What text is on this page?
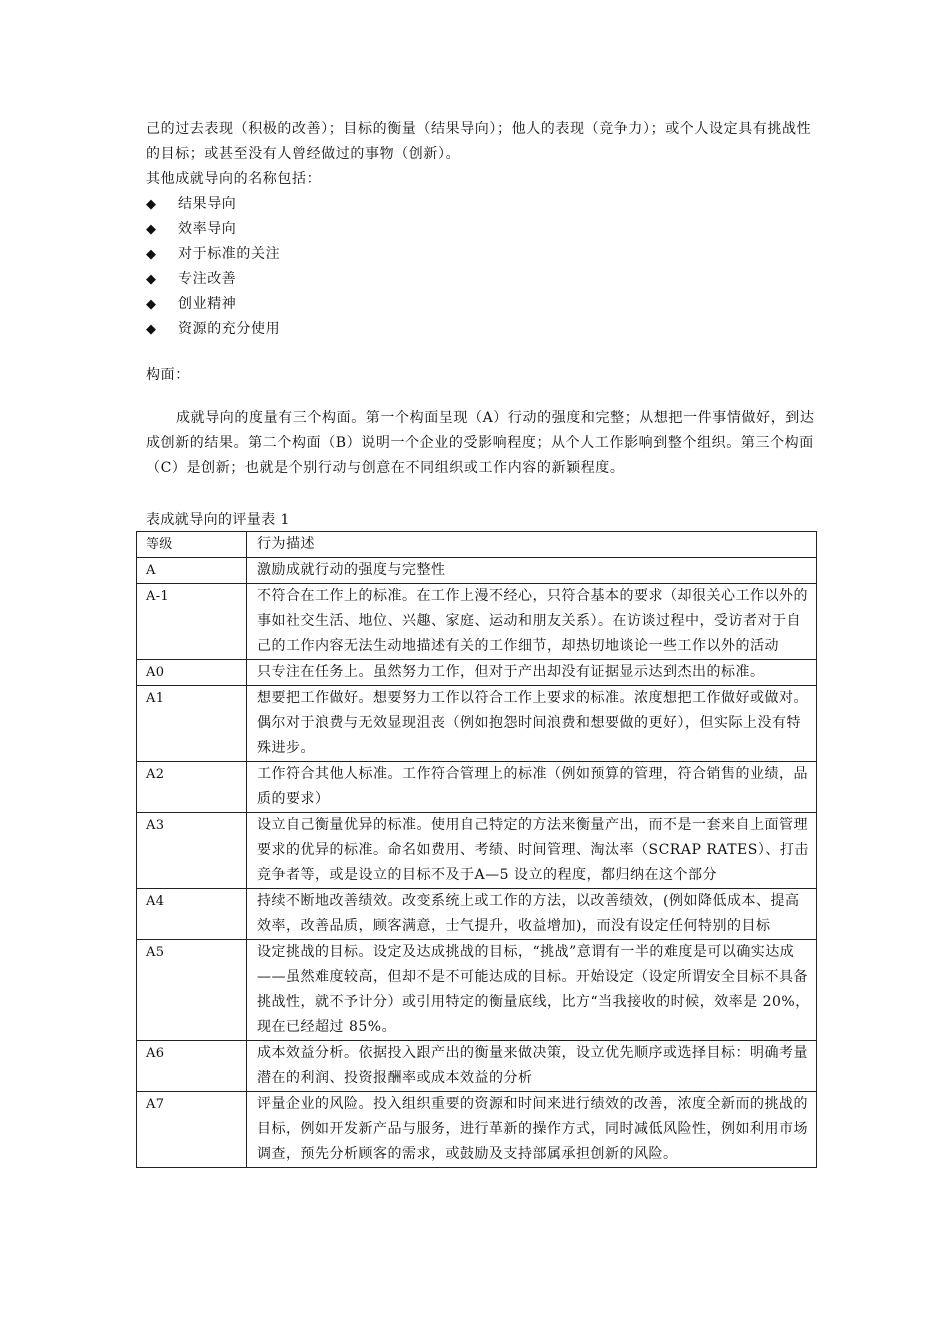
己的过去表现（积极的改善）；目标的衡量（结果导向）；他人的表现（竞争力）；或个人设定具有挑战性的目标；或甚至没有人曾经做过的事物（创新）。
其他成就导向的名称包括：
◆	结果导向
◆	效率导向
◆	对于标准的关注
◆	专注改善
◆	创业精神
◆	资源的充分使用
构面：
成就导向的度量有三个构面。第一个构面呈现（A）行动的强度和完整；从想把一件事情做好，到达成创新的结果。第二个构面（B）说明一个企业的受影响程度；从个人工作影响到整个组织。第三个构面（C）是创新；也就是个别行动与创意在不同组织或工作内容的新颖程度。
表成就导向的评量表 1
等级	行为描述
A	激励成就行动的强度与完整性
A-1	不符合在工作上的标准。在工作上漫不经心，只符合基本的要求（却很关心工作以外的事如社交生活、地位、兴趣、家庭、运动和朋友关系）。在访谈过程中，受访者对于自己的工作内容无法生动地描述有关的工作细节，却热切地谈论一些工作以外的活动
A0	只专注在任务上。虽然努力工作，但对于产出却没有证据显示达到杰出的标准。
A1	想要把工作做好。想要努力工作以符合工作上要求的标准。浓度想把工作做好或做对。偶尔对于浪费与无效显现沮丧（例如抱怨时间浪费和想要做的更好），但实际上没有特殊进步。
A2	工作符合其他人标准。工作符合管理上的标准（例如预算的管理，符合销售的业绩，品质的要求）
A3	设立自己衡量优异的标准。使用自己特定的方法来衡量产出，而不是一套来自上面管理要求的优异的标准。命名如费用、考绩、时间管理、淘汰率（SCRAP RATES）、打击竞争者等，或是设立的目标不及于A—5 设立的程度，都归纳在这个部分
A4	持续不断地改善绩效。改变系统上或工作的方法，以改善绩效，(例如降低成本、提高效率，改善品质，顾客满意，士气提升，收益增加)，而没有设定任何特别的目标
A5	设定挑战的目标。设定及达成挑战的目标，“挑战”意谓有一半的难度是可以确实达成——虽然难度较高，但却不是不可能达成的目标。开始设定（设定所谓安全目标不具备挑战性，就不予计分）或引用特定的衡量底线，比方“当我接收的时候，效率是 20%，现在已经超过 85%。
A6	成本效益分析。依据投入跟产出的衡量来做决策，设立优先顺序或选择目标：明确考量潜在的利润、投资报酬率或成本效益的分析
A7	评量企业的风险。投入组织重要的资源和时间来进行绩效的改善，浓度全新而的挑战的目标，例如开发新产品与服务，进行革新的操作方式，同时减低风险性，例如利用市场调查，预先分析顾客的需求，或鼓励及支持部属承担创新的风险。
